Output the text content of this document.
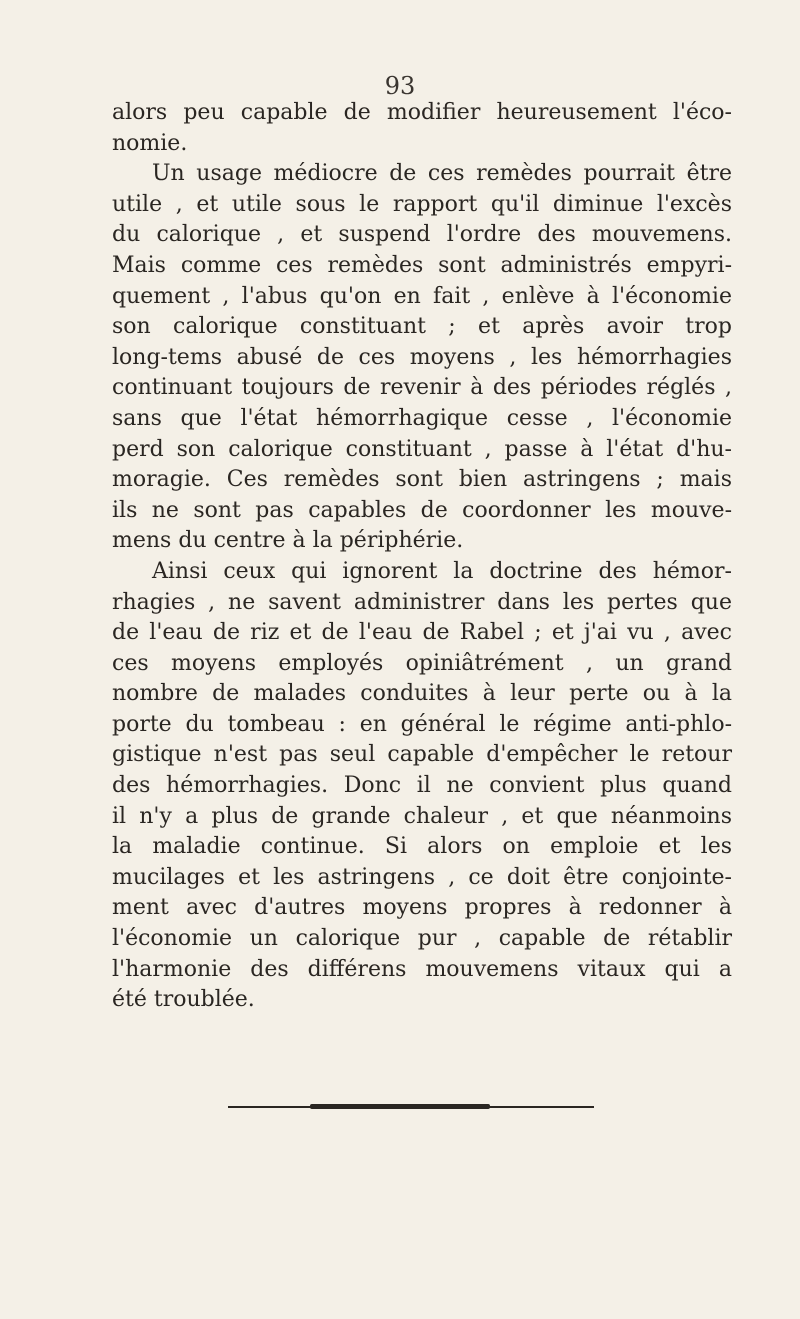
93
alors peu capable de modifier heureusement l'éco-
nomie.
Un usage médiocre de ces remèdes pourrait être
utile , et utile sous le rapport qu'il diminue l'excès
du calorique , et suspend l'ordre des mouvemens.
Mais comme ces remèdes sont administrés empyri-
quement , l'abus qu'on en fait , enlève à l'économie
son calorique constituant ; et après avoir trop
long-tems abusé de ces moyens , les hémorrhagies
continuant toujours de revenir à des périodes réglés ,
sans que l'état hémorrhagique cesse , l'économie
perd son calorique constituant , passe à l'état d'hu-
moragie. Ces remèdes sont bien astringens ; mais
ils ne sont pas capables de coordonner les mouve-
mens du centre à la périphérie.
Ainsi ceux qui ignorent la doctrine des hémor-
rhagies , ne savent administrer dans les pertes que
de l'eau de riz et de l'eau de Rabel ; et j'ai vu , avec
ces moyens employés opiniâtrément , un grand
nombre de malades conduites à leur perte ou à la
porte du tombeau : en général le régime anti-phlo-
gistique n'est pas seul capable d'empêcher le retour
des hémorrhagies. Donc il ne convient plus quand
il n'y a plus de grande chaleur , et que néanmoins
la maladie continue. Si alors on emploie et les
mucilages et les astringens , ce doit être conjointe-
ment avec d'autres moyens propres à redonner à
l'économie un calorique pur , capable de rétablir
l'harmonie des différens mouvemens vitaux qui a
été troublée.
